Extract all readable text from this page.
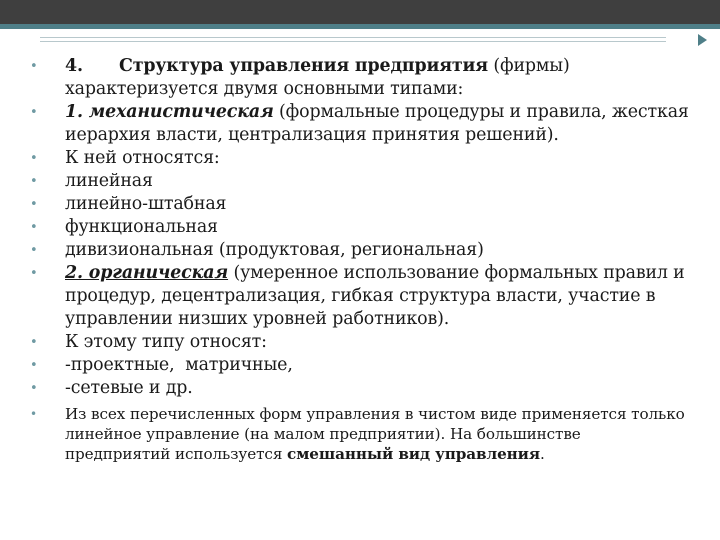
• 4. Структура управления предприятия (фирмы) характеризуется двумя основными типами:

• 1. механистическая (формальные процедуры и правила, жесткая иерархия власти, централизация принятия решений).

• К ней относятся:

• линейная

• линейно-штабная

• функциональная

• дивизиональная (продуктовая, региональная)

• 2. органическая (умеренное использование формальных правил и процедур, децентрализация, гибкая структура власти, участие в управлении низших уровней работников).

• К этому типу относят:

• -проектные,  матричные,

• -сетевые и др.

• Из всех перечисленных форм управления в чистом виде применяется только линейное управление (на малом предприятии). На большинстве предприятий используется смешанный вид управления.
